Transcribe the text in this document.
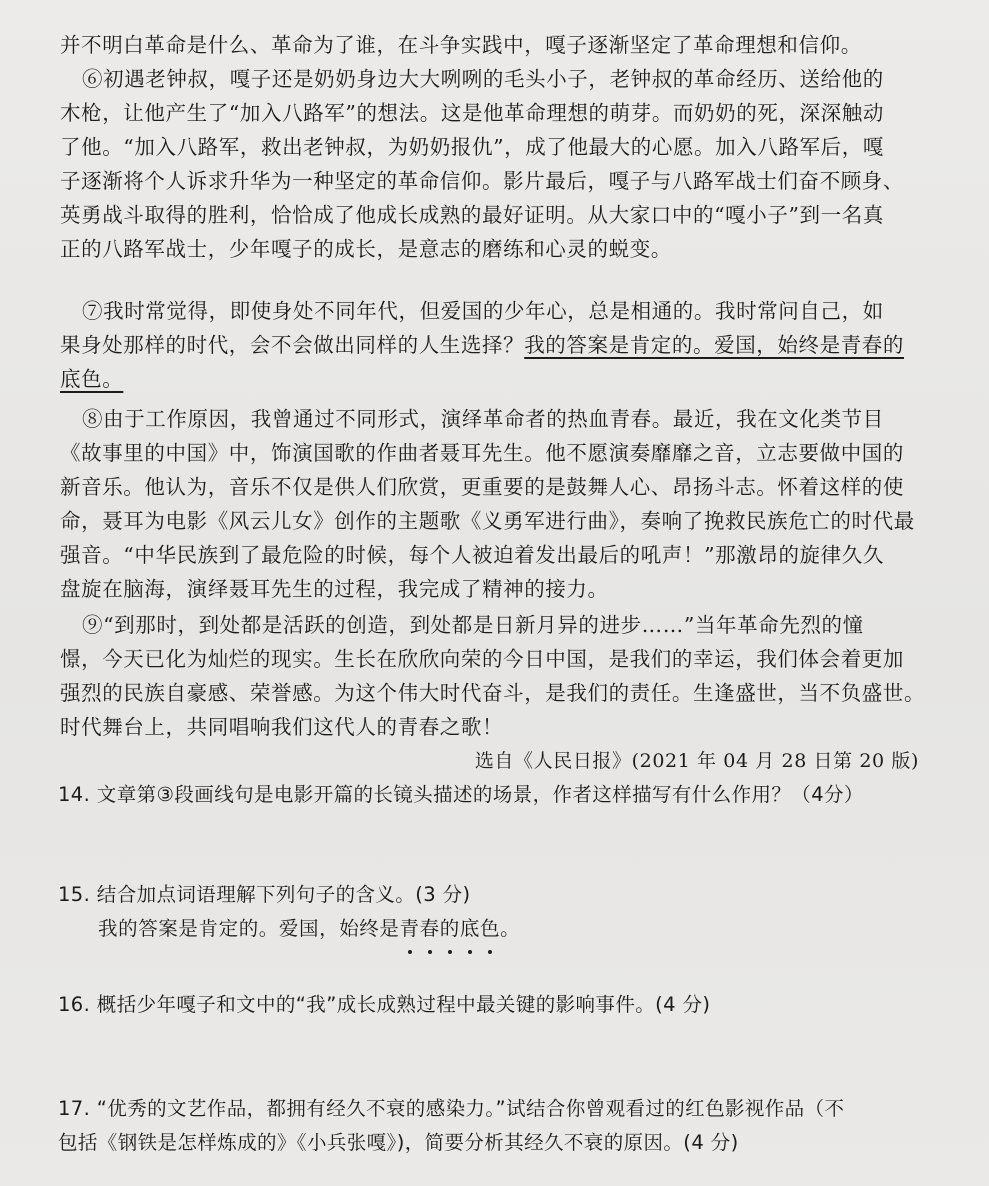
并不明白革命是什么、革命为了谁，在斗争实践中，嘎子逐渐坚定了革命理想和信仰。
⑥初遇老钟叔，嘎子还是奶奶身边大大咧咧的毛头小子，老钟叔的革命经历、送给他的
木枪，让他产生了“加入八路军”的想法。这是他革命理想的萌芽。而奶奶的死，深深触动
了他。“加入八路军，救出老钟叔，为奶奶报仇”，成了他最大的心愿。加入八路军后，嘎
子逐渐将个人诉求升华为一种坚定的革命信仰。影片最后，嘎子与八路军战士们奋不顾身、
英勇战斗取得的胜利，恰恰成了他成长成熟的最好证明。从大家口中的“嘎小子”到一名真
正的八路军战士，少年嘎子的成长，是意志的磨练和心灵的蜕变。
⑦我时常觉得，即使身处不同年代，但爱国的少年心，总是相通的。我时常问自己，如
果身处那样的时代，会不会做出同样的人生选择？我的答案是肯定的。爱国，始终是青春的
底色。
⑧由于工作原因，我曾通过不同形式，演绎革命者的热血青春。最近，我在文化类节目
《故事里的中国》中，饰演国歌的作曲者聂耳先生。他不愿演奏靡靡之音，立志要做中国的
新音乐。他认为，音乐不仅是供人们欣赏，更重要的是鼓舞人心、昂扬斗志。怀着这样的使
命，聂耳为电影《风云儿女》创作的主题歌《义勇军进行曲》，奏响了挽救民族危亡的时代最
强音。“中华民族到了最危险的时候，每个人被迫着发出最后的吼声！”那激昂的旋律久久
盘旋在脑海，演绎聂耳先生的过程，我完成了精神的接力。
⑨“到那时，到处都是活跃的创造，到处都是日新月异的进步……”当年革命先烈的憧
憬，今天已化为灿烂的现实。生长在欣欣向荣的今日中国，是我们的幸运，我们体会着更加
强烈的民族自豪感、荣誉感。为这个伟大时代奋斗，是我们的责任。生逢盛世，当不负盛世。
时代舞台上，共同唱响我们这代人的青春之歌！
选自《人民日报》(2021 年 04 月 28 日第 20 版)
14. 文章第③段画线句是电影开篇的长镜头描述的场景，作者这样描写有什么作用？（4分）
15. 结合加点词语理解下列句子的含义。(3 分)
我的答案是肯定的。爱国，始终是青春的底色。
16. 概括少年嘎子和文中的“我”成长成熟过程中最关键的影响事件。(4 分)
17. “优秀的文艺作品，都拥有经久不衰的感染力。”试结合你曾观看过的红色影视作品（不
包括《钢铁是怎样炼成的》《小兵张嘎》)，简要分析其经久不衰的原因。(4 分)
